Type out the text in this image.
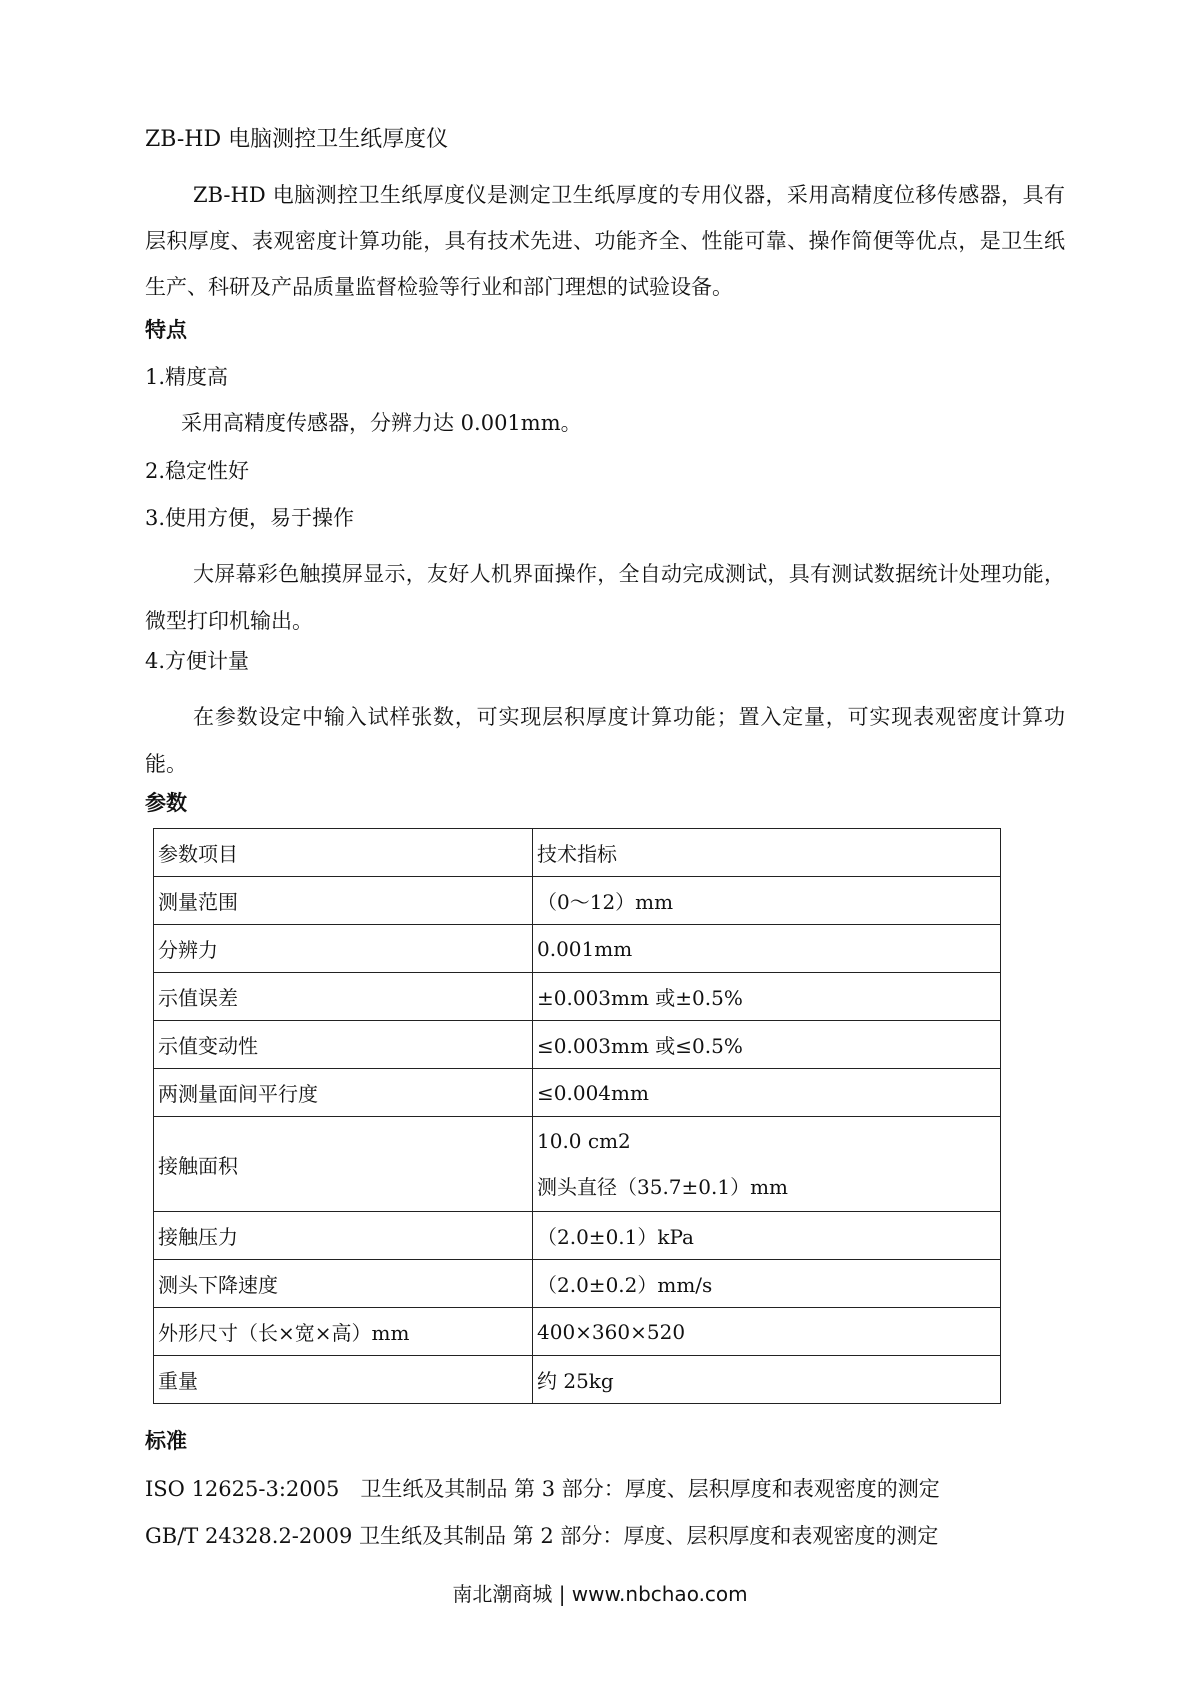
ZB-HD 电脑测控卫生纸厚度仪
ZB-HD 电脑测控卫生纸厚度仪是测定卫生纸厚度的专用仪器，采用高精度位移传感器，具有层积厚度、表观密度计算功能，具有技术先进、功能齐全、性能可靠、操作简便等优点，是卫生纸生产、科研及产品质量监督检验等行业和部门理想的试验设备。
特点
1.精度高
采用高精度传感器，分辨力达 0.001mm。
2.稳定性好
3.使用方便，易于操作
大屏幕彩色触摸屏显示，友好人机界面操作，全自动完成测试，具有测试数据统计处理功能，微型打印机输出。
4.方便计量
在参数设定中输入试样张数，可实现层积厚度计算功能；置入定量，可实现表观密度计算功能。
参数
参数项目	技术指标
测量范围	（0～12）mm
分辨力	0.001mm
示值误差	±0.003mm 或±0.5%
示值变动性	≤0.003mm 或≤0.5%
两测量面间平行度	≤0.004mm
接触面积	10.0 cm2
测头直径（35.7±0.1）mm

接触压力	（2.0±0.1）kPa
测头下降速度	（2.0±0.2）mm/s
外形尺寸（长×宽×高）mm	400×360×520
重量	约 25kg
标准
ISO 12625-3:2005　卫生纸及其制品 第 3 部分：厚度、层积厚度和表观密度的测定
GB/T 24328.2-2009 卫生纸及其制品 第 2 部分：厚度、层积厚度和表观密度的测定
南北潮商城 | www.nbchao.com
